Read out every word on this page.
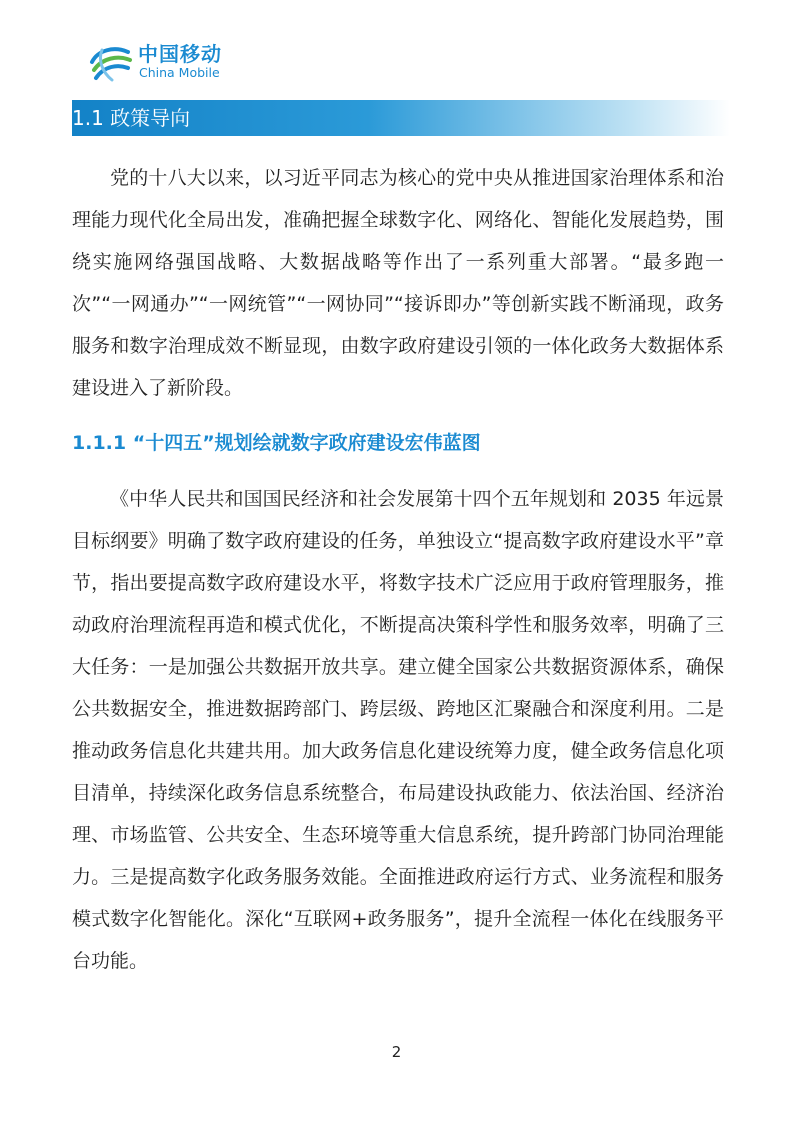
中国移动
China Mobile
1.1 政策导向

党的十八大以来，以习近平同志为核心的党中央从推进国家治理体系和治理能力现代化全局出发，准确把握全球数字化、网络化、智能化发展趋势，围绕实施网络强国战略、大数据战略等作出了一系列重大部署。“最多跑一次”“一网通办”“一网统管”“一网协同”“接诉即办”等创新实践不断涌现，政务服务和数字治理成效不断显现，由数字政府建设引领的一体化政务大数据体系建设进入了新阶段。

1.1.1 “十四五”规划绘就数字政府建设宏伟蓝图

《中华人民共和国国民经济和社会发展第十四个五年规划和 2035 年远景目标纲要》明确了数字政府建设的任务，单独设立“提高数字政府建设水平”章节，指出要提高数字政府建设水平，将数字技术广泛应用于政府管理服务，推动政府治理流程再造和模式优化，不断提高决策科学性和服务效率，明确了三大任务：一是加强公共数据开放共享。建立健全国家公共数据资源体系，确保公共数据安全，推进数据跨部门、跨层级、跨地区汇聚融合和深度利用。二是推动政务信息化共建共用。加大政务信息化建设统筹力度，健全政务信息化项目清单，持续深化政务信息系统整合，布局建设执政能力、依法治国、经济治理、市场监管、公共安全、生态环境等重大信息系统，提升跨部门协同治理能力。三是提高数字化政务服务效能。全面推进政府运行方式、业务流程和服务模式数字化智能化。深化“互联网+政务服务”，提升全流程一体化在线服务平台功能。

2
